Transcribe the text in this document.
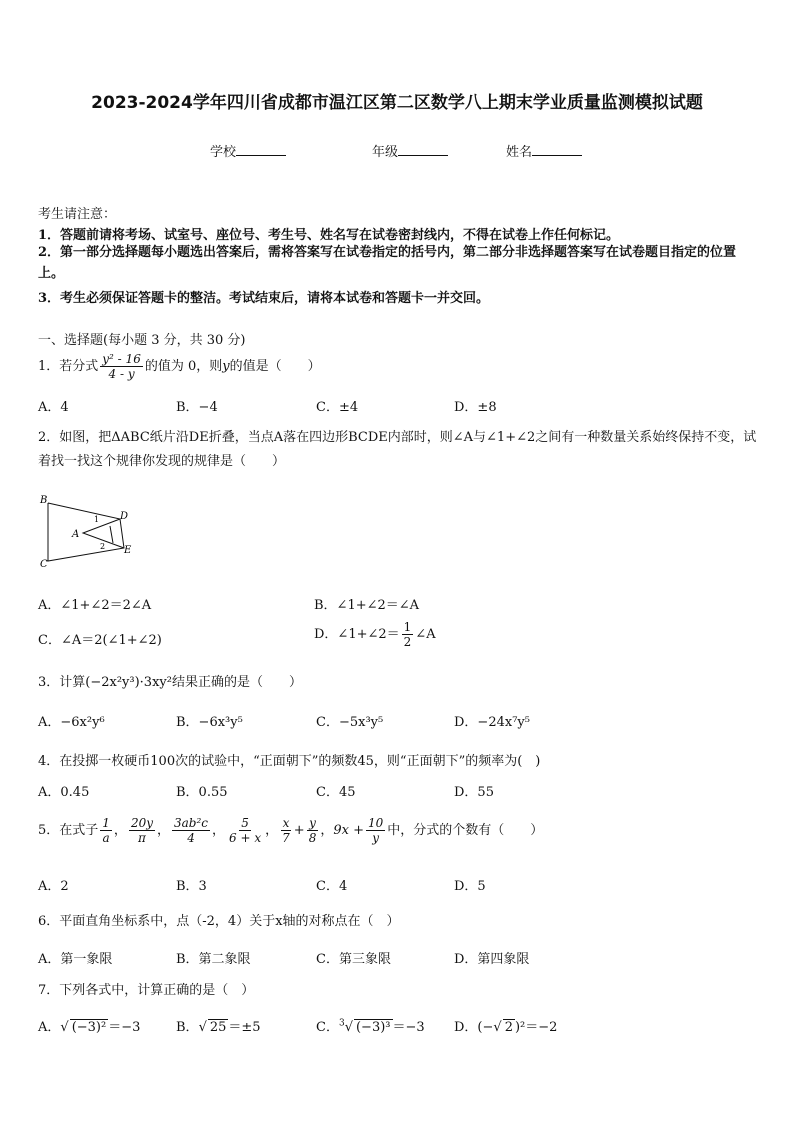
2023-2024学年四川省成都市温江区第二区数学八上期末学业质量监测模拟试题
学校	年级	姓名
考生请注意：
1．答题前请将考场、试室号、座位号、考生号、姓名写在试卷密封线内，不得在试卷上作任何标记。
2．第一部分选择题每小题选出答案后，需将答案写在试卷指定的括号内，第二部分非选择题答案写在试卷题目指定的位置上。
3．考生必须保证答题卡的整洁。考试结束后，请将本试卷和答题卡一并交回。
一、选择题(每小题 3 分，共 30 分)
1．若分式 $\frac{\text{y² - 16}}{4 - y}$ 的值为 0，则y的值是（　　）
A．4	B．−4	C．±4	D．±8
2．如图，把ΔABC纸片沿DE折叠，当点A落在四边形BCDE内部时，则∠A与∠1+∠2之间有一种数量关系始终保持不变，试着找一找这个规律你发现的规律是（　　）
B
C
D
E
A
1
2
A．∠1+∠2＝2∠A	B．∠1+∠2＝∠A
C．∠A＝2(∠1+∠2)	D．∠1+∠2＝ $\frac{1}{2}$ ∠A
3．计算(−2x²y³)·3xy²结果正确的是（　　）
A．−6x²y⁶	B．−6x³y⁵	C．−5x³y⁵	D．−24x⁷y⁵
4．在投掷一枚硬币100次的试验中，“正面朝下”的频数45，则“正面朝下”的频率为(　)
A．0.45	B．0.55	C．45	D．55
5．在式子 $\frac{1}{a}$ ， $\frac{20y}{\pi}$ ， $\frac{\text{3ab²c}}{4}$ ， $\frac{5}{6 + x}$ ， $\frac{x}{7} + \frac{y}{8}$ ，$9x + \frac{10}{y}$ 中，分式的个数有（　　）
A．2	B．3	C．4	D．5
6．平面直角坐标系中，点（-2，4）关于x轴的对称点在（　）
A．第一象限	B．第二象限	C．第三象限	D．第四象限
7．下列各式中，计算正确的是（　）
A．√ (−3)² ＝−3	B．√ 25 ＝±5	C．$^3$√ (−3)³ ＝−3 D．(−√ 2 )²＝−2
